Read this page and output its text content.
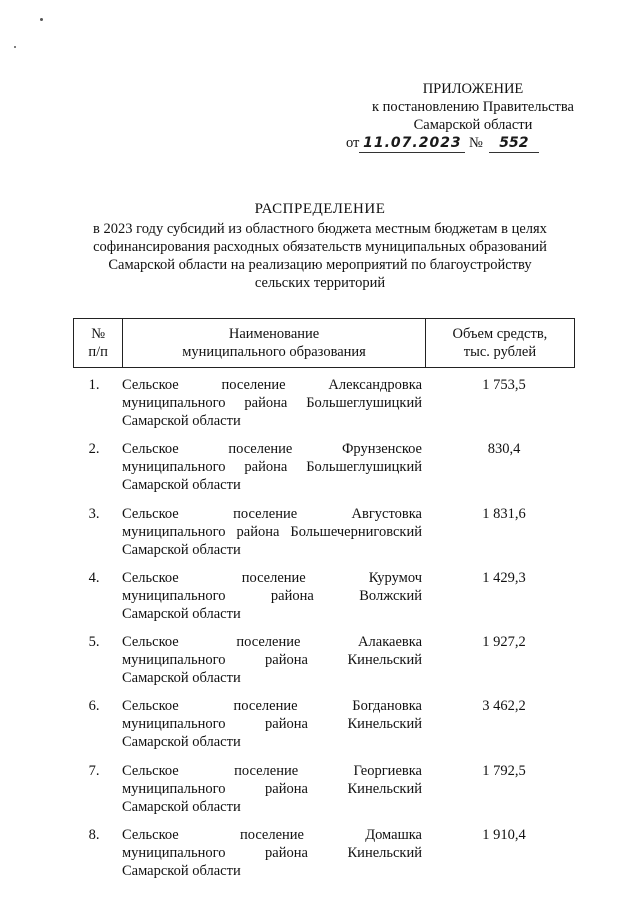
ПРИЛОЖЕНИЕ
к постановлению Правительства
Самарской области
от 11.07.2023 № 552
РАСПРЕДЕЛЕНИЕ
в 2023 году субсидий из областного бюджета местным бюджетам в целях
софинансирования расходных обязательств муниципальных образований
Самарской области на реализацию мероприятий по благоустройству
сельских территорий
№
п/п

Наименование
муниципального образования

Объем средств,
тыс. рублей
1.	Сельское поселение Александровка
муниципального района Большеглушицкий
Самарской области
1 753,5
2.	Сельское поселение Фрунзенское
муниципального района Большеглушицкий
Самарской области
830,4
3.	Сельское поселение Августовка
муниципального района Большечерниговский
Самарской области
1 831,6
4.	Сельское поселение Курумоч
муниципального района Волжский
Самарской области
1 429,3
5.	Сельское поселение Алакаевка
муниципального района Кинельский
Самарской области
1 927,2
6.	Сельское поселение Богдановка
муниципального района Кинельский
Самарской области
3 462,2
7.	Сельское поселение Георгиевка
муниципального района Кинельский
Самарской области
1 792,5
8.	Сельское поселение Домашка
муниципального района Кинельский
Самарской области
1 910,4
